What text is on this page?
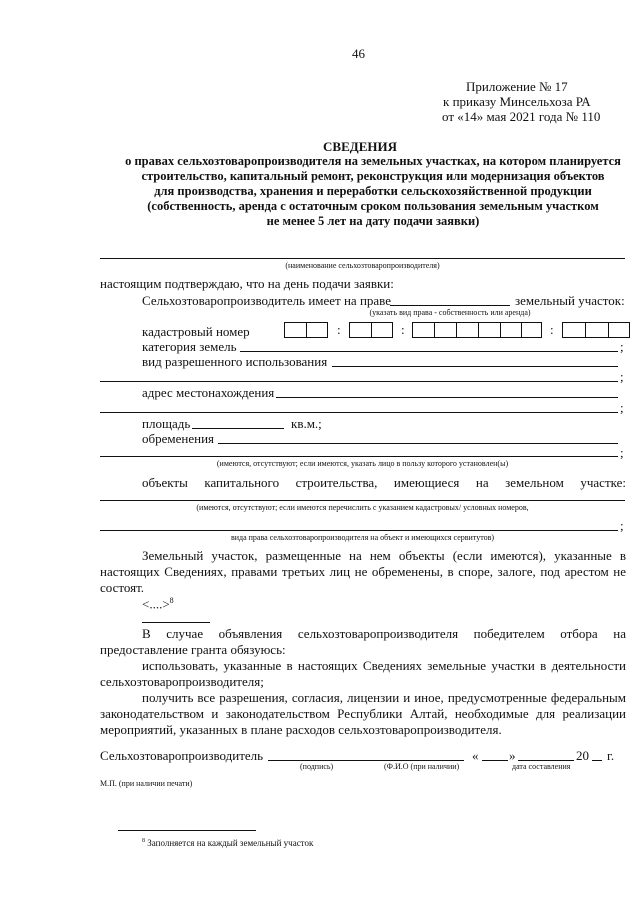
46
Приложение № 17
к приказу Минсельхоза РА
от «14» мая 2021 года № 110
СВЕДЕНИЯ
о правах сельхозтоваропроизводителя на земельных участках, на котором планируется
строительство, капитальный ремонт, реконструкция или модернизация объектов
для производства, хранения и переработки сельскохозяйственной продукции
(собственность, аренда с остаточным сроком пользования земельным участком
не менее 5 лет на дату подачи заявки)
(наименование сельхозтоваропроизводителя)
настоящим подтверждаю, что на день подачи заявки:
Сельхозтоваропроизводитель имеет на праве	земельный участок:
(указать вид права - собственность или аренда)
кадастровый номер	:	:	:
категория земель	;
вид разрешенного использования
;
адрес местонахождения
;
площадь	кв.м.;
обременения
;
(имеются, отсутствуют; если имеются, указать лицо в пользу которого установлен(ы)
объекты капитального строительства, имеющиеся на земельном участке:
(имеются, отсутствуют; если имеются перечислить с указанием кадастровых/ условных номеров,
;
вида права сельхозтоваропроизводителя на объект и имеющихся сервитутов)
Земельный участок, размещенные на нем объекты (если имеются), указанные в
настоящих Сведениях, правами третьих лиц не обременены, в споре, залоге, под арестом не
состоят.
<....>$^8$
В случае объявления сельхозтоваропроизводителя победителем отбора на
предоставление гранта обязуюсь:
использовать, указанные в настоящих Сведениях земельные участки в деятельности
сельхозтоваропроизводителя;
получить все разрешения, согласия, лицензии и иное, предусмотренные федеральным
законодательством и законодательством Республики Алтай, необходимые для реализации
мероприятий, указанных в плане расходов сельхозтоваропроизводителя.
Сельхозтоваропроизводитель	« »	20 г.
(подпись)	(Ф.И.О (при наличии)	дата составления
М.П. (при наличии печати)
$^8$ Заполняется на каждый земельный участок
